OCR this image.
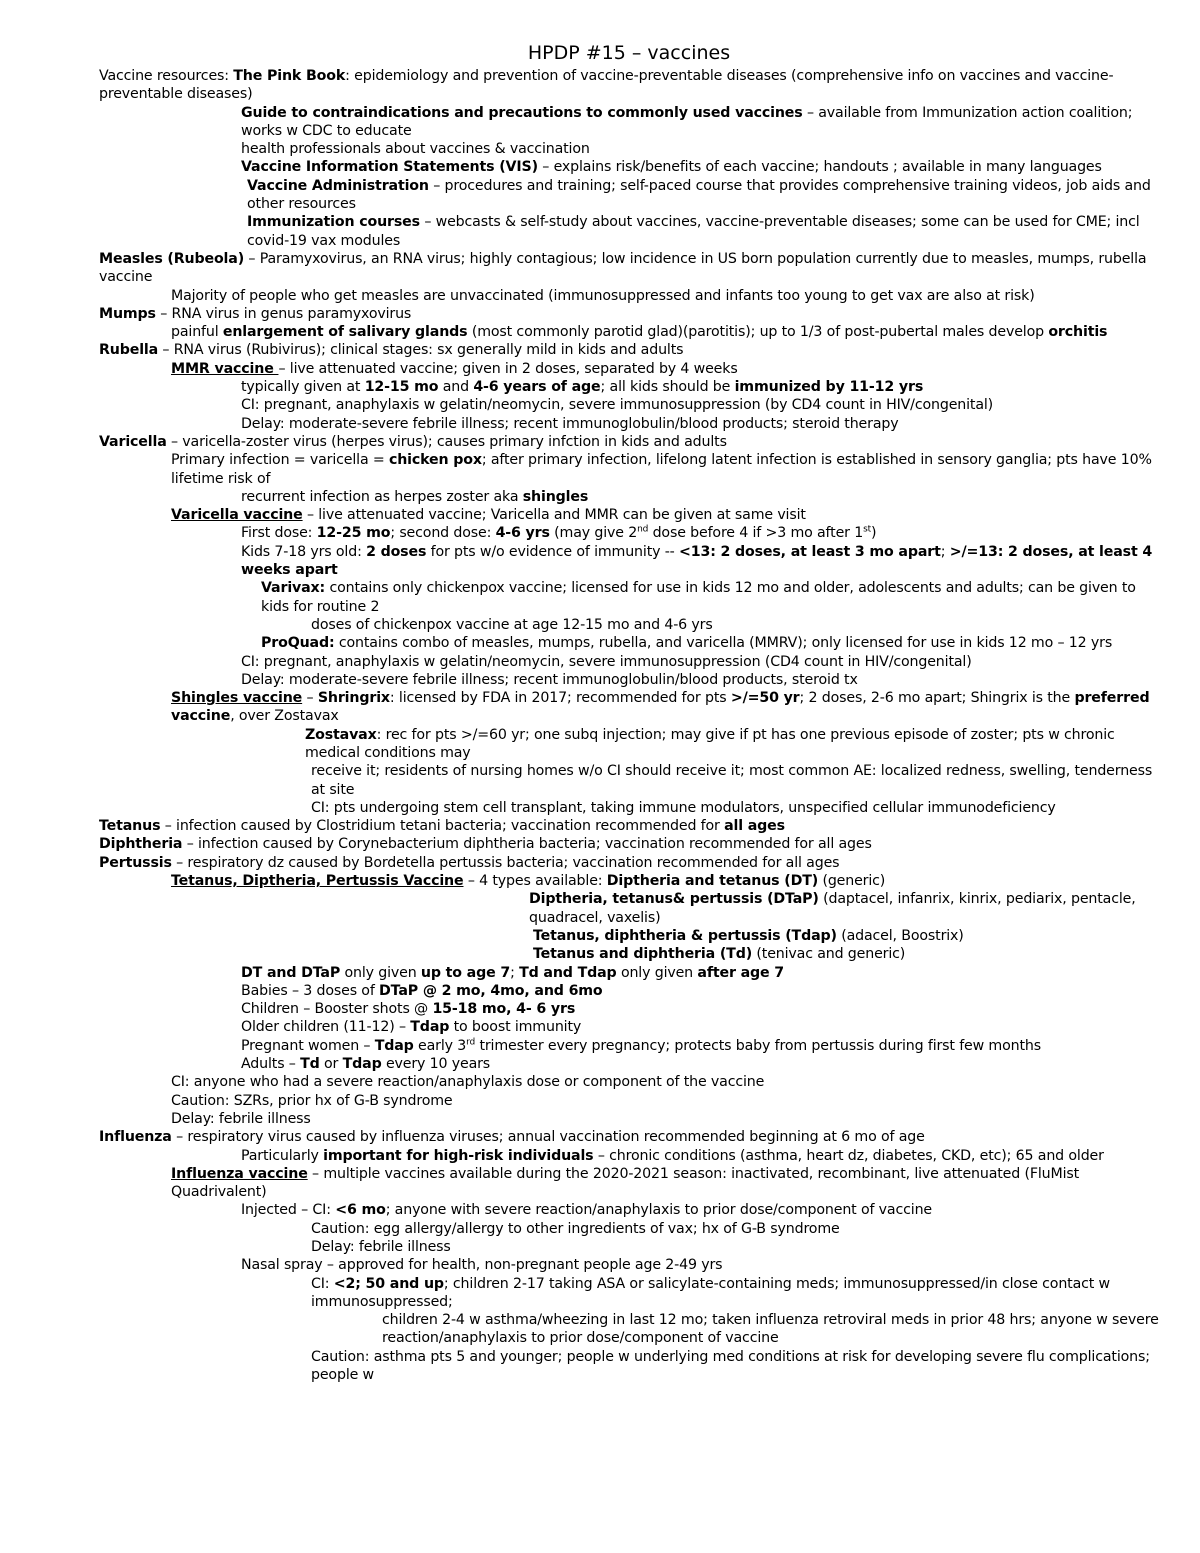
HPDP #15 – vaccines
Vaccine resources: The Pink Book: epidemiology and prevention of vaccine-preventable diseases (comprehensive info on vaccines and vaccine-preventable diseases)
Guide to contraindications and precautions to commonly used vaccines – available from Immunization action coalition; works w CDC to educate
health professionals about vaccines & vaccination
Vaccine Information Statements (VIS) – explains risk/benefits of each vaccine; handouts ; available in many languages
Vaccine Administration – procedures and training; self-paced course that provides comprehensive training videos, job aids and other resources
Immunization courses – webcasts & self-study about vaccines, vaccine-preventable diseases; some can be used for CME; incl covid-19 vax modules
Measles (Rubeola) – Paramyxovirus, an RNA virus; highly contagious; low incidence in US born population currently due to measles, mumps, rubella vaccine
Majority of people who get measles are unvaccinated (immunosuppressed and infants too young to get vax are also at risk)
Mumps – RNA virus in genus paramyxovirus
painful enlargement of salivary glands (most commonly parotid glad)(parotitis); up to 1/3 of post-pubertal males develop orchitis
Rubella – RNA virus (Rubivirus); clinical stages: sx generally mild in kids and adults
MMR vaccine – live attenuated vaccine; given in 2 doses, separated by 4 weeks
typically given at 12-15 mo and 4-6 years of age; all kids should be immunized by 11-12 yrs
CI: pregnant, anaphylaxis w gelatin/neomycin, severe immunosuppression (by CD4 count in HIV/congenital)
Delay: moderate-severe febrile illness; recent immunoglobulin/blood products; steroid therapy
Varicella – varicella-zoster virus (herpes virus); causes primary infction in kids and adults
Primary infection = varicella = chicken pox; after primary infection, lifelong latent infection is established in sensory ganglia; pts have 10% lifetime risk of
recurrent infection as herpes zoster aka shingles
Varicella vaccine – live attenuated vaccine; Varicella and MMR can be given at same visit
First dose: 12-25 mo; second dose: 4-6 yrs (may give 2nd dose before 4 if >3 mo after 1st)
Kids 7-18 yrs old: 2 doses for pts w/o evidence of immunity -- <13: 2 doses, at least 3 mo apart; >/=13: 2 doses, at least 4 weeks apart
Varivax: contains only chickenpox vaccine; licensed for use in kids 12 mo and older, adolescents and adults; can be given to kids for routine 2
doses of chickenpox vaccine at age 12-15 mo and 4-6 yrs
ProQuad: contains combo of measles, mumps, rubella, and varicella (MMRV); only licensed for use in kids 12 mo – 12 yrs
CI: pregnant, anaphylaxis w gelatin/neomycin, severe immunosuppression (CD4 count in HIV/congenital)
Delay: moderate-severe febrile illness; recent immunoglobulin/blood products, steroid tx
Shingles vaccine – Shringrix: licensed by FDA in 2017; recommended for pts >/=50 yr; 2 doses, 2-6 mo apart; Shingrix is the preferred vaccine, over Zostavax
Zostavax: rec for pts >/=60 yr; one subq injection; may give if pt has one previous episode of zoster; pts w chronic medical conditions may
receive it; residents of nursing homes w/o CI should receive it; most common AE: localized redness, swelling, tenderness at site
CI: pts undergoing stem cell transplant, taking immune modulators, unspecified cellular immunodeficiency
Tetanus – infection caused by Clostridium tetani bacteria; vaccination recommended for all ages
Diphtheria – infection caused by Corynebacterium diphtheria bacteria; vaccination recommended for all ages
Pertussis – respiratory dz caused by Bordetella pertussis bacteria; vaccination recommended for all ages
Tetanus, Diptheria, Pertussis Vaccine – 4 types available: Diptheria and tetanus (DT) (generic)
Diptheria, tetanus& pertussis (DTaP) (daptacel, infanrix, kinrix, pediarix, pentacle, quadracel, vaxelis)
Tetanus, diphtheria & pertussis (Tdap) (adacel, Boostrix)
Tetanus and diphtheria (Td) (tenivac and generic)
DT and DTaP only given up to age 7; Td and Tdap only given after age 7
Babies – 3 doses of DTaP @ 2 mo, 4mo, and 6mo
Children – Booster shots @ 15-18 mo, 4- 6 yrs
Older children (11-12) – Tdap to boost immunity
Pregnant women – Tdap early 3rd trimester every pregnancy; protects baby from pertussis during first few months
Adults – Td or Tdap every 10 years
CI: anyone who had a severe reaction/anaphylaxis dose or component of the vaccine
Caution: SZRs, prior hx of G-B syndrome
Delay: febrile illness
Influenza – respiratory virus caused by influenza viruses; annual vaccination recommended beginning at 6 mo of age
Particularly important for high-risk individuals – chronic conditions (asthma, heart dz, diabetes, CKD, etc); 65 and older
Influenza vaccine – multiple vaccines available during the 2020-2021 season: inactivated, recombinant, live attenuated (FluMist Quadrivalent)
Injected – CI: <6 mo; anyone with severe reaction/anaphylaxis to prior dose/component of vaccine
Caution: egg allergy/allergy to other ingredients of vax; hx of G-B syndrome
Delay: febrile illness
Nasal spray – approved for health, non-pregnant people age 2-49 yrs
CI: <2; 50 and up; children 2-17 taking ASA or salicylate-containing meds; immunosuppressed/in close contact w immunosuppressed;
children 2-4 w asthma/wheezing in last 12 mo; taken influenza retroviral meds in prior 48 hrs; anyone w severe
reaction/anaphylaxis to prior dose/component of vaccine
Caution: asthma pts 5 and younger; people w underlying med conditions at risk for developing severe flu complications; people w
